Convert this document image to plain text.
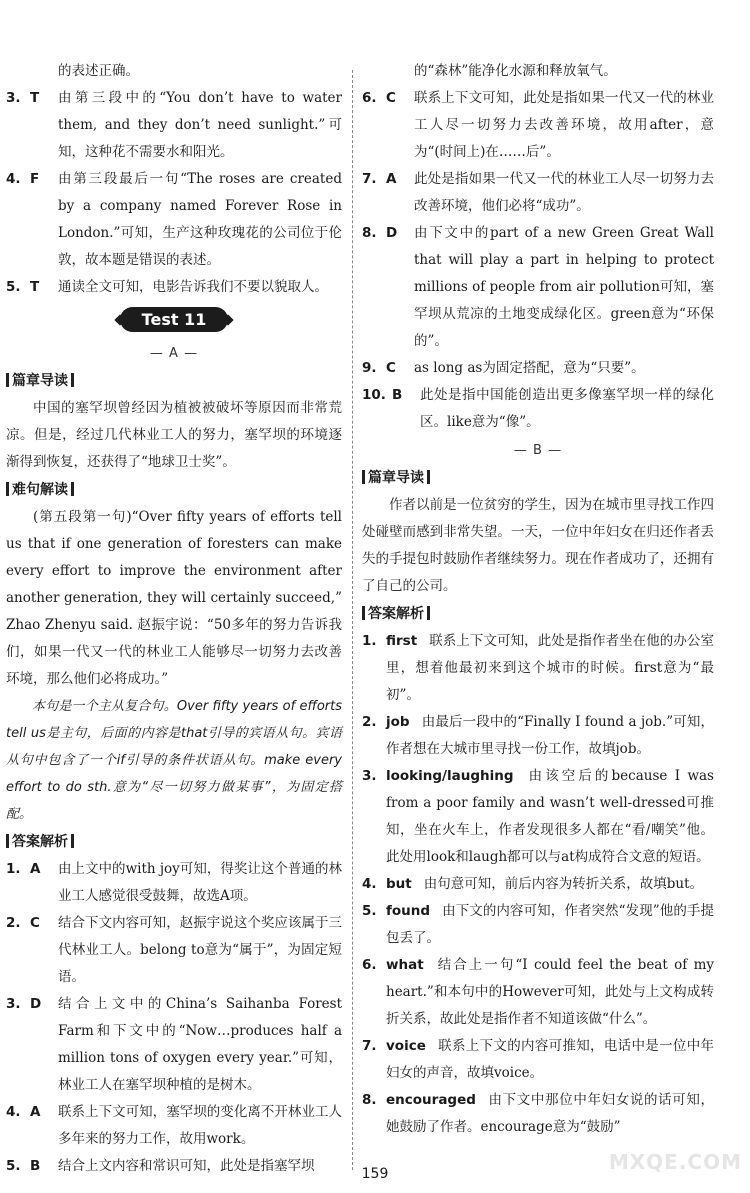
的表述正确。

3. T	由第三段中的“You don’t have to water them, and they don’t need sunlight.”可知，这种花不需要水和阳光。
4. F	由第三段最后一句“The roses are created by a company named Forever Rose in London.”可知，生产这种玫瑰花的公司位于伦敦，故本题是错误的表述。
5. T	通读全文可知，电影告诉我们不要以貌取人。
Test 11
— A —

篇章导读

中国的塞罕坝曾经因为植被被破坏等原因而非常荒凉。但是，经过几代林业工人的努力，塞罕坝的环境逐渐得到恢复，还获得了“地球卫士奖”。

难句解读

(第五段第一句)“Over fifty years of efforts tell us that if one generation of foresters can make every effort to improve the environment after another generation, they will certainly succeed,” Zhao Zhenyu said. 赵振宇说：“50多年的努力告诉我们，如果一代又一代的林业工人能够尽一切努力去改善环境，那么他们必将成功。”

本句是一个主从复合句。Over fifty years of efforts tell us是主句，后面的内容是that引导的宾语从句。宾语从句中包含了一个if引导的条件状语从句。make every effort to do sth.意为“尽一切努力做某事”，为固定搭配。

答案解析

1. A	由上文中的with joy可知，得奖让这个普通的林业工人感觉很受鼓舞，故选A项。
2. C	结合下文内容可知，赵振宇说这个奖应该属于三代林业工人。belong to意为“属于”，为固定短语。
3. D	结合上文中的China’s Saihanba Forest Farm和下文中的“Now…produces half a million tons of oxygen every year.”可知，林业工人在塞罕坝种植的是树木。
4. A	联系上下文可知，塞罕坝的变化离不开林业工人多年来的努力工作，故用work。
5. B	结合上文内容和常识可知，此处是指塞罕坝

的“森林”能净化水源和释放氧气。

6. C	联系上下文可知，此处是指如果一代又一代的林业工人尽一切努力去改善环境，故用after，意为“(时间上)在……后”。
7. A	此处是指如果一代又一代的林业工人尽一切努力去改善环境，他们必将“成功”。
8. D	由下文中的part of a new Green Great Wall that will play a part in helping to protect millions of people from air pollution可知，塞罕坝从荒凉的土地变成绿化区。green意为“环保的”。
9. C	as long as为固定搭配，意为“只要”。
10. B	此处是指中国能创造出更多像塞罕坝一样的绿化区。like意为“像”。
— B —

篇章导读

作者以前是一位贫穷的学生，因为在城市里寻找工作四处碰壁而感到非常失望。一天，一位中年妇女在归还作者丢失的手提包时鼓励作者继续努力。现在作者成功了，还拥有了自己的公司。

答案解析

1. first 联系上下文可知，此处是指作者坐在他的办公室里，想着他最初来到这个城市的时候。first意为“最初”。
2. job 由最后一段中的“Finally I found a job.”可知，作者想在大城市里寻找一份工作，故填job。
3. looking/laughing 由该空后的because I was from a poor family and wasn’t well-dressed可推知，坐在火车上，作者发现很多人都在“看/嘲笑”他。此处用look和laugh都可以与at构成符合文意的短语。
4. but 由句意可知，前后内容为转折关系，故填but。
5. found 由下文的内容可知，作者突然“发现”他的手提包丢了。
6. what 结合上一句“I could feel the beat of my heart.”和本句中的However可知，此处与上文构成转折关系，故此处是指作者不知道该做“什么”。
7. voice 联系上下文的内容可推知，电话中是一位中年妇女的声音，故填voice。
8. encouraged 由下文中那位中年妇女说的话可知，她鼓励了作者。encourage意为“鼓励”
159	MXQE.COM
